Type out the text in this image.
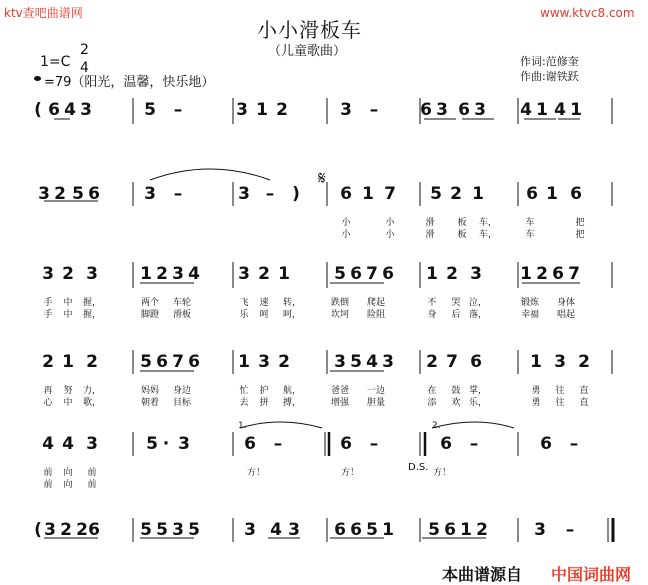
ktv查吧曲谱网	www.ktvc8.com
小小滑板车
（儿童歌曲）
1=C
2
4
=79（阳光，温馨，快乐地）
作词:范修奎
作曲:谢铁跃
1.	2.
𝄋
( 6 4 3	5 –	3 1 2	3 – 6 3 6 3 4 1 4 1
3 2 5 6	3 –	3 – ) 6 1 7 5 2 1 6 1 6
小	小	滑	板	车，	车	把
小	小	滑	板	车，	车	把
3 2 3 1 2 3 4 3 2 1	5 6 7 6 1 2 3 1 2 6 7
手	中	握，	两个	车轮	飞	速	转，	跌倒	爬起	不	哭 泣，	锻炼	身体
手	中	握，	脚蹬	滑板	乐	呵	呵，	坎坷	险阻	身	后 落，	幸福	唱起
2 1 2 5 6 7 6 1 3 2	3 5 4 3 2 7 6	1 3 2
再	努	力，	妈妈	身边	忙	护	航，	爸爸	一边	在	鼓 掌，	勇	往	直
心	中	歌，	朝着	目标	去	拼	搏，	增强	胆量	添	欢 乐，	勇	往	直
4 4 3	5 · 3	6 –	6 –	6 –	6 –
前	向	前	方！	方！	方！
前	向	前
( 3 2 2 6 5 5 3 5	3 4 3 6 6 5 1 5 6 1 2	3 –
D.S.
本曲谱源自 中国词曲网
